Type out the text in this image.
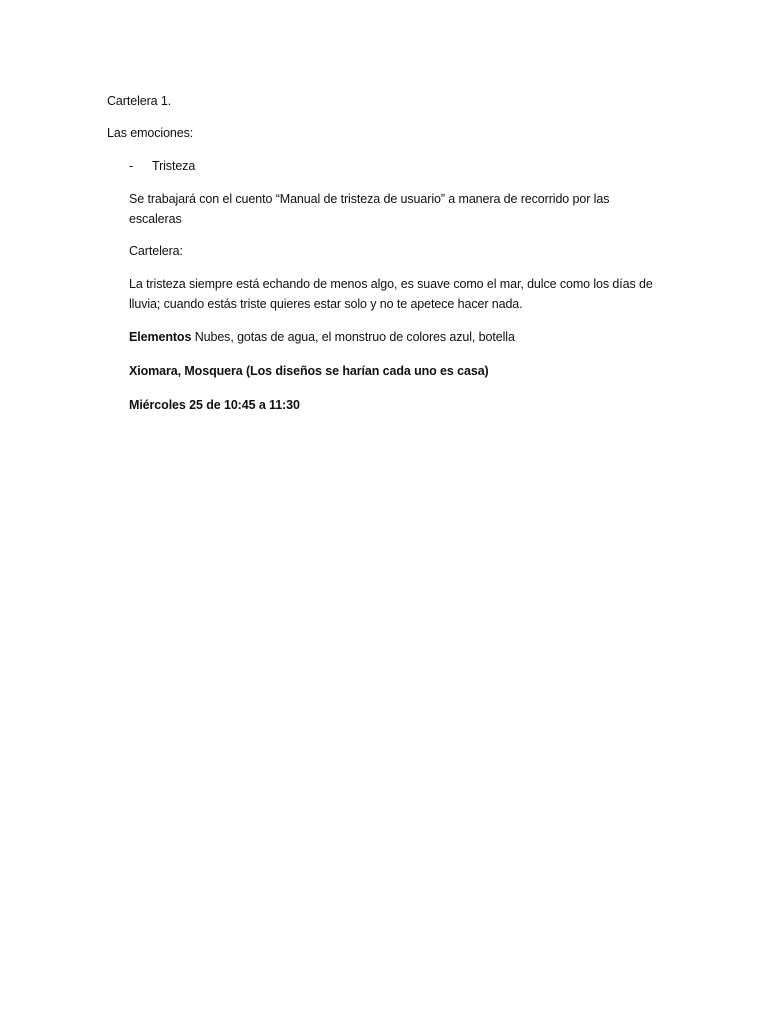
Cartelera 1.
Las emociones:
- Tristeza
Se trabajará con el cuento “Manual de tristeza de usuario” a manera de recorrido por las escaleras
Cartelera:
La tristeza siempre está echando de menos algo, es suave como el mar, dulce como los días de lluvia; cuando estás triste quieres estar solo y no te apetece hacer nada.
Elementos Nubes, gotas de agua, el monstruo de colores azul, botella
Xiomara, Mosquera (Los diseños se harían cada uno es casa)
Miércoles 25 de 10:45 a 11:30
